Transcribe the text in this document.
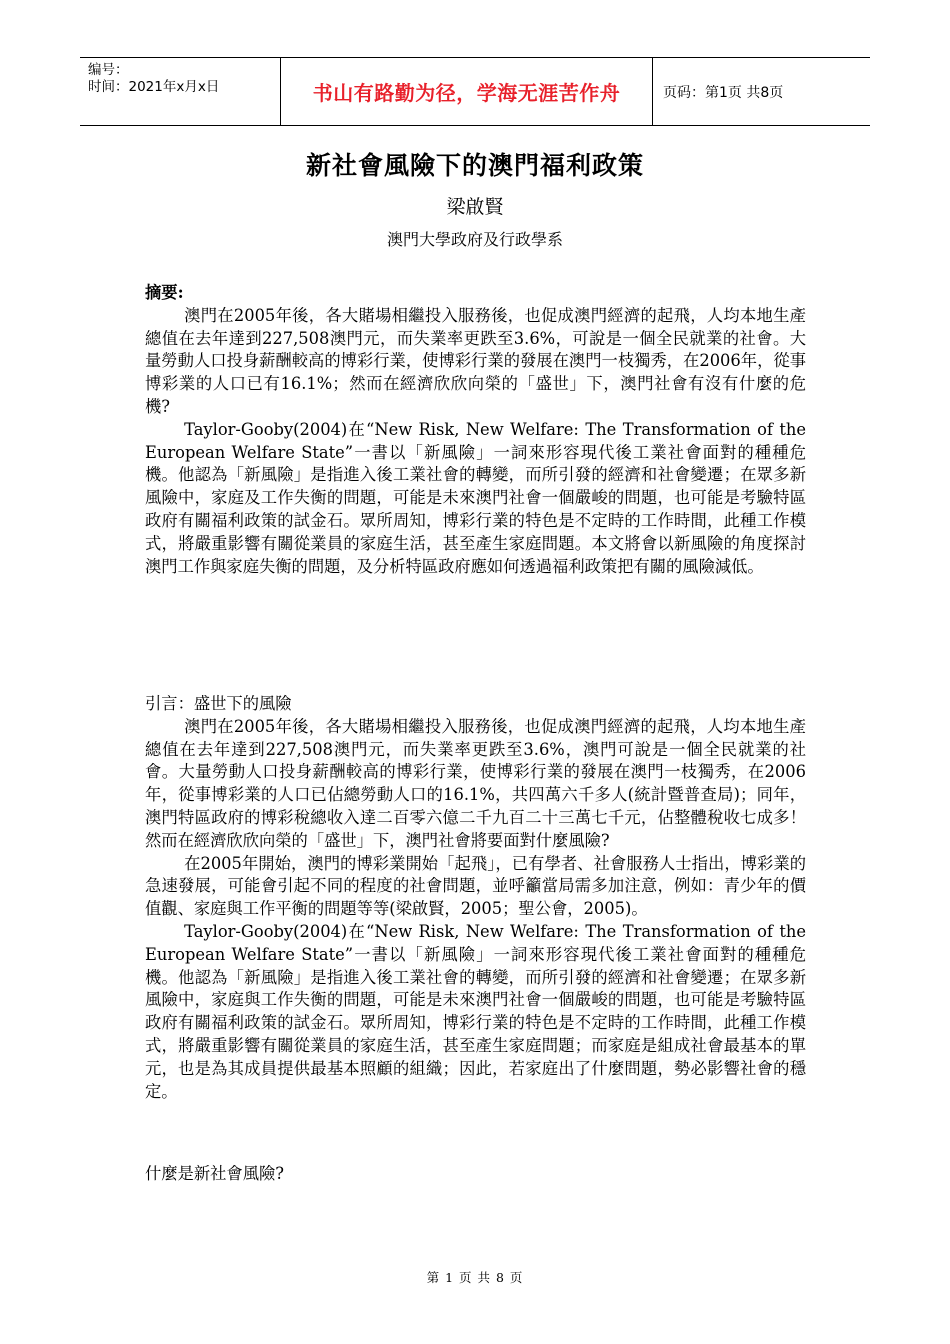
编号：
时间：2021年x月x日	书山有路勤为径，学海无涯苦作舟	页码：第1页 共8页
新社會風險下的澳門福利政策
梁啟賢
澳門大學政府及行政學系
摘要:

澳門在2005年後，各大賭場相繼投入服務後，也促成澳門經濟的起飛，人均本地生產總值在去年達到227,508澳門元，而失業率更跌至3.6%，可說是一個全民就業的社會。大量勞動人口投身薪酬較高的博彩行業，使博彩行業的發展在澳門一枝獨秀，在2006年，從事博彩業的人口已有16.1%；然而在經濟欣欣向榮的「盛世」下，澳門社會有沒有什麼的危機?

Taylor-Gooby(2004)在“New Risk, New Welfare: The Transformation of the European Welfare State”一書以「新風險」一詞來形容現代後工業社會面對的種種危機。他認為「新風險」是指進入後工業社會的轉變，而所引發的經濟和社會變遷；在眾多新風險中，家庭及工作失衡的問題，可能是未來澳門社會一個嚴峻的問題，也可能是考驗特區政府有關福利政策的試金石。眾所周知，博彩行業的特色是不定時的工作時間，此種工作模式，將嚴重影響有關從業員的家庭生活，甚至產生家庭問題。本文將會以新風險的角度探討澳門工作與家庭失衡的問題，及分析特區政府應如何透過福利政策把有關的風險減低。

引言：盛世下的風險

澳門在2005年後，各大賭場相繼投入服務後，也促成澳門經濟的起飛，人均本地生產總值在去年達到227,508澳門元，而失業率更跌至3.6%，澳門可說是一個全民就業的社會。大量勞動人口投身薪酬較高的博彩行業，使博彩行業的發展在澳門一枝獨秀，在2006年，從事博彩業的人口已佔總勞動人口的16.1%，共四萬六千多人(統計暨普查局)；同年，澳門特區政府的博彩稅總收入達二百零六億二千九百二十三萬七千元，佔整體稅收七成多！然而在經濟欣欣向榮的「盛世」下，澳門社會將要面對什麼風險?

在2005年開始，澳門的博彩業開始「起飛」，已有學者、社會服務人士指出，博彩業的急速發展，可能會引起不同的程度的社會問題，並呼籲當局需多加注意，例如：青少年的價值觀、家庭與工作平衡的問題等等(梁啟賢，2005；聖公會，2005)。

Taylor-Gooby(2004)在“New Risk, New Welfare: The Transformation of the European Welfare State”一書以「新風險」一詞來形容現代後工業社會面對的種種危機。他認為「新風險」是指進入後工業社會的轉變，而所引發的經濟和社會變遷；在眾多新風險中，家庭與工作失衡的問題，可能是未來澳門社會一個嚴峻的問題，也可能是考驗特區政府有關福利政策的試金石。眾所周知，博彩行業的特色是不定時的工作時間，此種工作模式，將嚴重影響有關從業員的家庭生活，甚至產生家庭問題；而家庭是組成社會最基本的單元，也是為其成員提供最基本照顧的組織；因此，若家庭出了什麼問題，勢必影響社會的穩定。

什麼是新社會風險?
第 1 页 共 8 页
